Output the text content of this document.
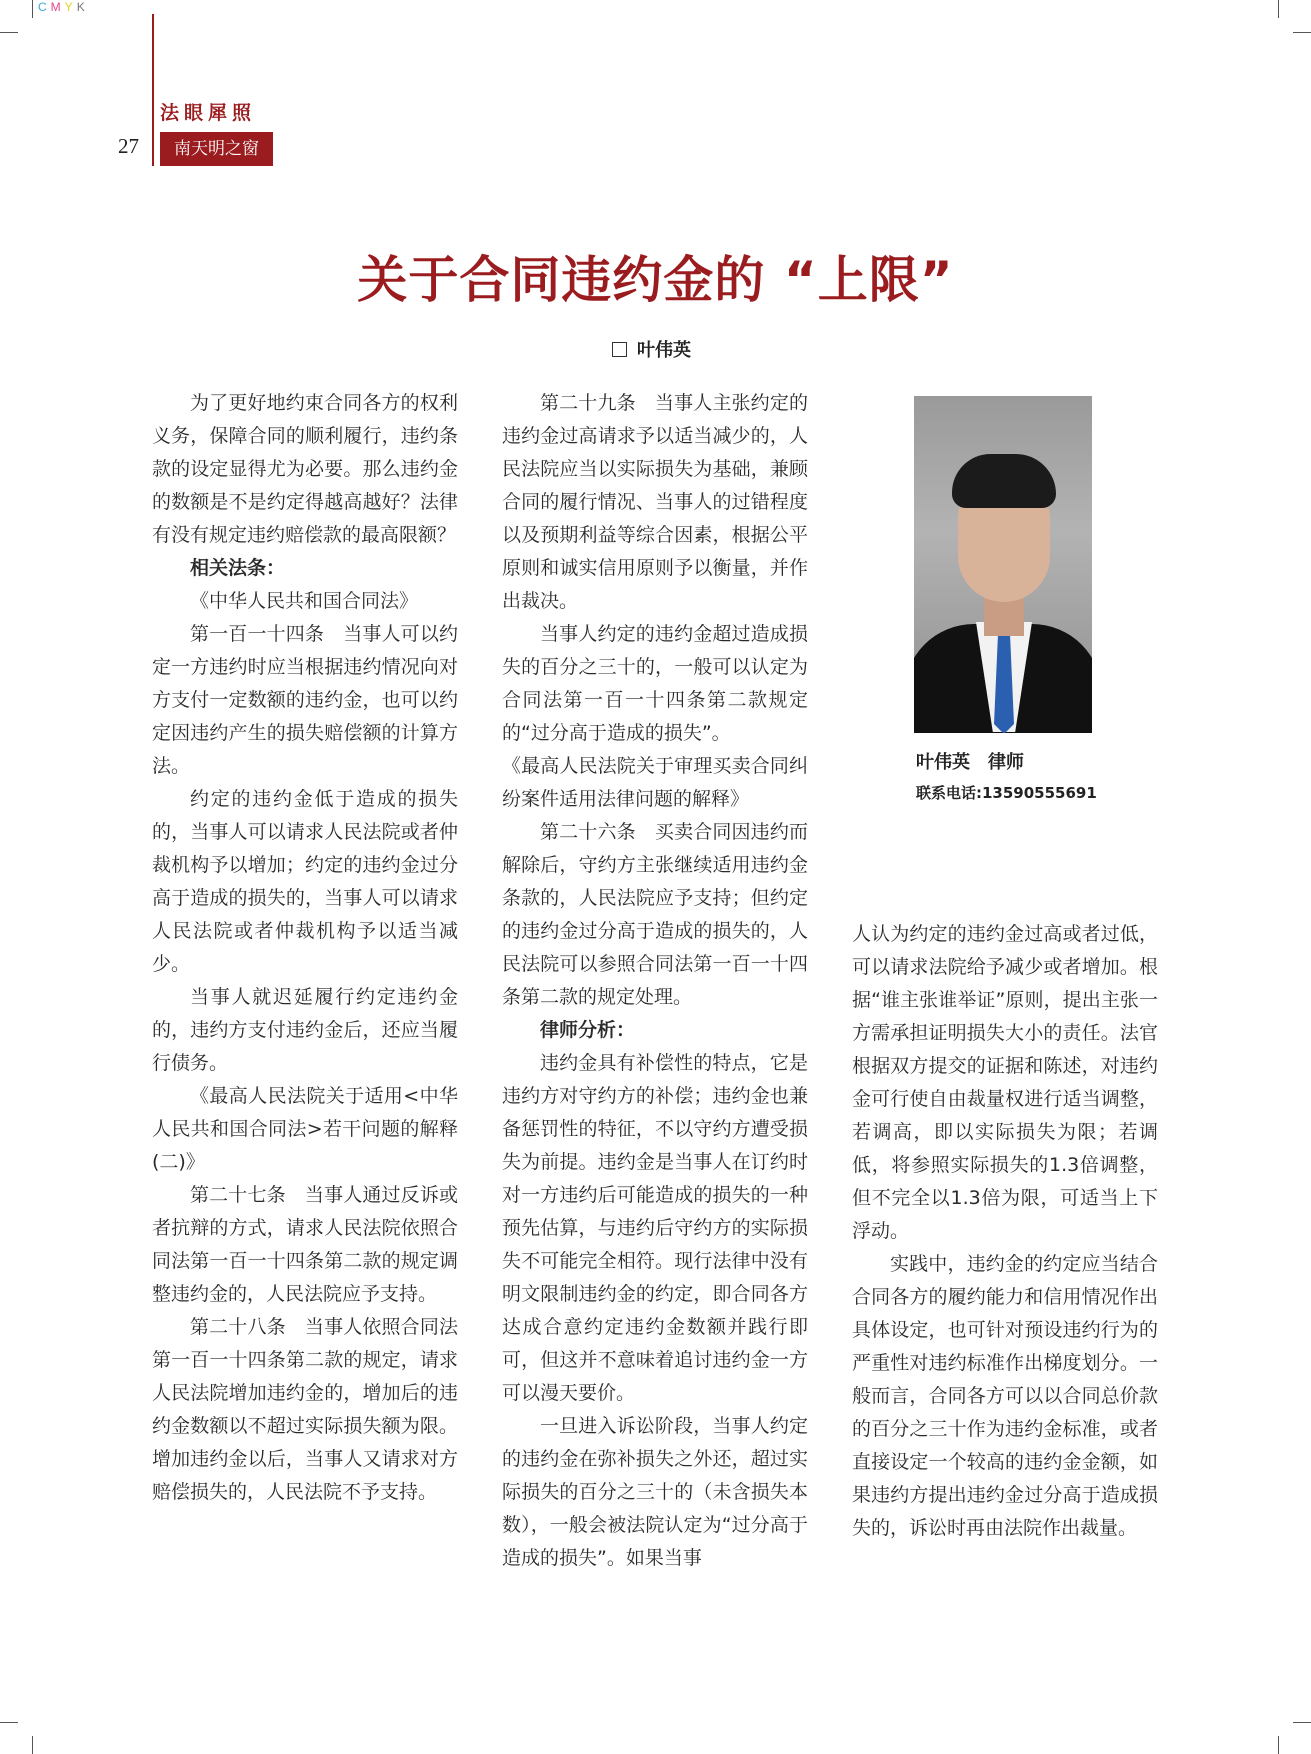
CMYK
法眼犀照
27	南天明之窗
关于合同违约金的 “上限”
叶伟英

为了更好地约束合同各方的权利义务，保障合同的顺利履行，违约条款的设定显得尤为必要。那么违约金的数额是不是约定得越高越好？法律有没有规定违约赔偿款的最高限额？

相关法条：

《中华人民共和国合同法》

第一百一十四条　当事人可以约定一方违约时应当根据违约情况向对方支付一定数额的违约金，也可以约定因违约产生的损失赔偿额的计算方法。

约定的违约金低于造成的损失的，当事人可以请求人民法院或者仲裁机构予以增加；约定的违约金过分高于造成的损失的，当事人可以请求人民法院或者仲裁机构予以适当减少。

当事人就迟延履行约定违约金的，违约方支付违约金后，还应当履行债务。

《最高人民法院关于适用<中华人民共和国合同法>若干问题的解释(二)》

第二十七条　当事人通过反诉或者抗辩的方式，请求人民法院依照合同法第一百一十四条第二款的规定调整违约金的，人民法院应予支持。

第二十八条　当事人依照合同法第一百一十四条第二款的规定，请求人民法院增加违约金的，增加后的违约金数额以不超过实际损失额为限。增加违约金以后，当事人又请求对方赔偿损失的，人民法院不予支持。

第二十九条　当事人主张约定的违约金过高请求予以适当减少的，人民法院应当以实际损失为基础，兼顾合同的履行情况、当事人的过错程度以及预期利益等综合因素，根据公平原则和诚实信用原则予以衡量，并作出裁决。

当事人约定的违约金超过造成损失的百分之三十的，一般可以认定为合同法第一百一十四条第二款规定的“过分高于造成的损失”。

《最高人民法院关于审理买卖合同纠纷案件适用法律问题的解释》

第二十六条　买卖合同因违约而解除后，守约方主张继续适用违约金条款的，人民法院应予支持；但约定的违约金过分高于造成的损失的，人民法院可以参照合同法第一百一十四条第二款的规定处理。

律师分析：

违约金具有补偿性的特点，它是违约方对守约方的补偿；违约金也兼备惩罚性的特征，不以守约方遭受损失为前提。违约金是当事人在订约时对一方违约后可能造成的损失的一种预先估算，与违约后守约方的实际损失不可能完全相符。现行法律中没有明文限制违约金的约定，即合同各方达成合意约定违约金数额并践行即可，但这并不意味着追讨违约金一方可以漫天要价。

一旦进入诉讼阶段，当事人约定的违约金在弥补损失之外还，超过实际损失的百分之三十的（未含损失本数），一般会被法院认定为“过分高于造成的损失”。如果当事

叶伟英　律师
联系电话:13590555691

人认为约定的违约金过高或者过低，可以请求法院给予减少或者增加。根据“谁主张谁举证”原则，提出主张一方需承担证明损失大小的责任。法官根据双方提交的证据和陈述，对违约金可行使自由裁量权进行适当调整，若调高，即以实际损失为限；若调低，将参照实际损失的1.3倍调整，但不完全以1.3倍为限，可适当上下浮动。

实践中，违约金的约定应当结合合同各方的履约能力和信用情况作出具体设定，也可针对预设违约行为的严重性对违约标准作出梯度划分。一般而言，合同各方可以以合同总价款的百分之三十作为违约金标准，或者直接设定一个较高的违约金金额，如果违约方提出违约金过分高于造成损失的，诉讼时再由法院作出裁量。
